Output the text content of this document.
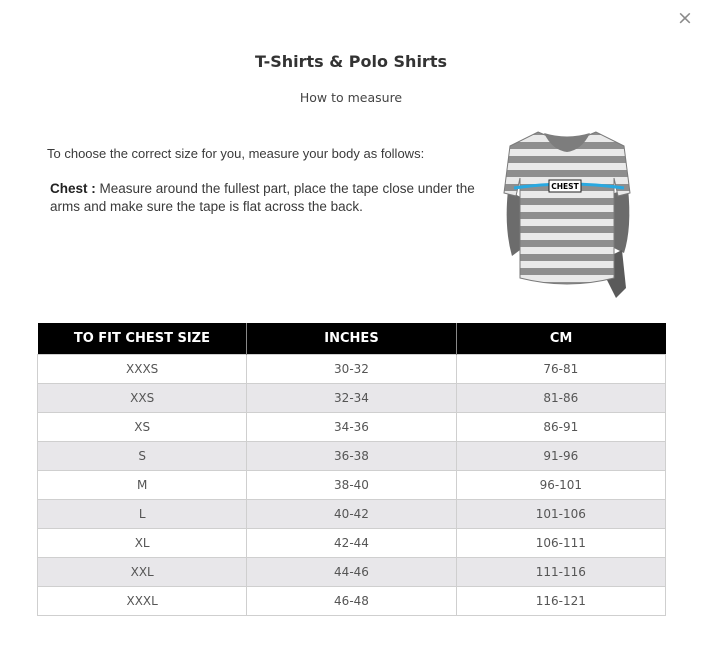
×
T-Shirts & Polo Shirts
How to measure
To choose the correct size for you, measure your body as follows:
Chest : Measure around the fullest part, place the tape close under the arms and make sure the tape is flat across the back.
CHEST
TO FIT CHEST SIZE	INCHES	CM
XXXS	30-32	76-81
XXS	32-34	81-86
XS	34-36	86-91
S	36-38	91-96
M	38-40	96-101
L	40-42	101-106
XL	42-44	106-111
XXL	44-46	111-116
XXXL	46-48	116-121
